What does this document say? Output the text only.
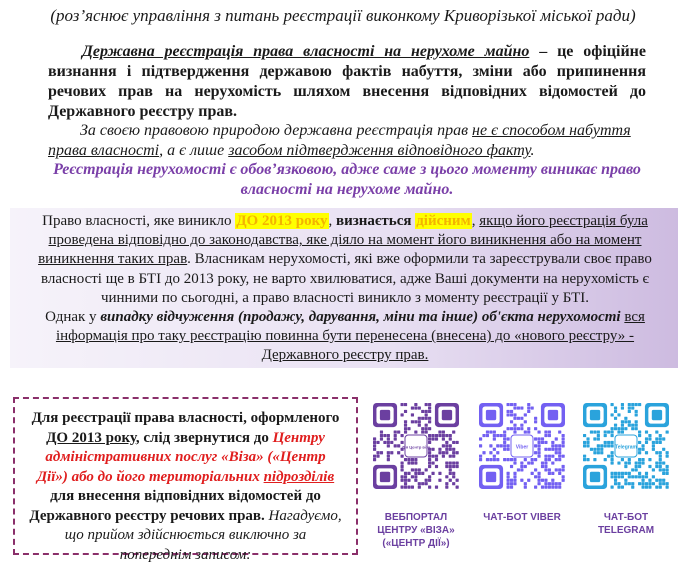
(роз’яснює управління з питань реєстрації виконкому Криворізької міської ради)
Державна реєстрація права власності на нерухоме майно – це офіційне визнання і підтвердження державою фактів набуття, зміни або припинення речових прав на нерухомість шляхом внесення відповідних відомостей до Державного реєстру прав.
За своєю правовою природою державна реєстрація прав не є способом набуття права власності, а є лише засобом підтвердження відповідного факту.
Реєстрація нерухомості є обов’язковою, адже саме з цього моменту виникає право власності на нерухоме майно.
Право власності, яке виникло ДО 2013 року, визнається дійсним, якщо його реєстрація була проведена відповідно до законодавства, яке діяло на момент його виникнення або на момент виникнення таких прав. Власникам нерухомості, які вже оформили та зареєстрували своє право власності ще в БТІ до 2013 року, не варто хвилюватися, адже Ваші документи на нерухомість є чинними по сьогодні, а право власності виникло з моменту реєстрації у БТІ.
Однак у випадку відчуження (продажу, дарування, міни та інше) об'єкта нерухомості вся інформація про таку реєстрацію повинна бути перенесена (внесена) до «нового реєстру» - Державного реєстру прав.
Для реєстрації права власності, оформленого ДО 2013 року, слід звернутися до Центру адміністративних послуг «Віза» («Центр Дії») або до його територіальних підрозділів для внесення відповідних відомостей до Державного реєстру речових прав. Нагадуємо, що прийом здійснюється виключно за попереднім записом:
Дія Центр віза
ВЕБПОРТАЛ ЦЕНТРУ «ВІЗА» («ЦЕНТР ДІЇ»)
Viber
ЧАТ-БОТ VIBER
Telegram
ЧАТ-БОТ TELEGRAM
